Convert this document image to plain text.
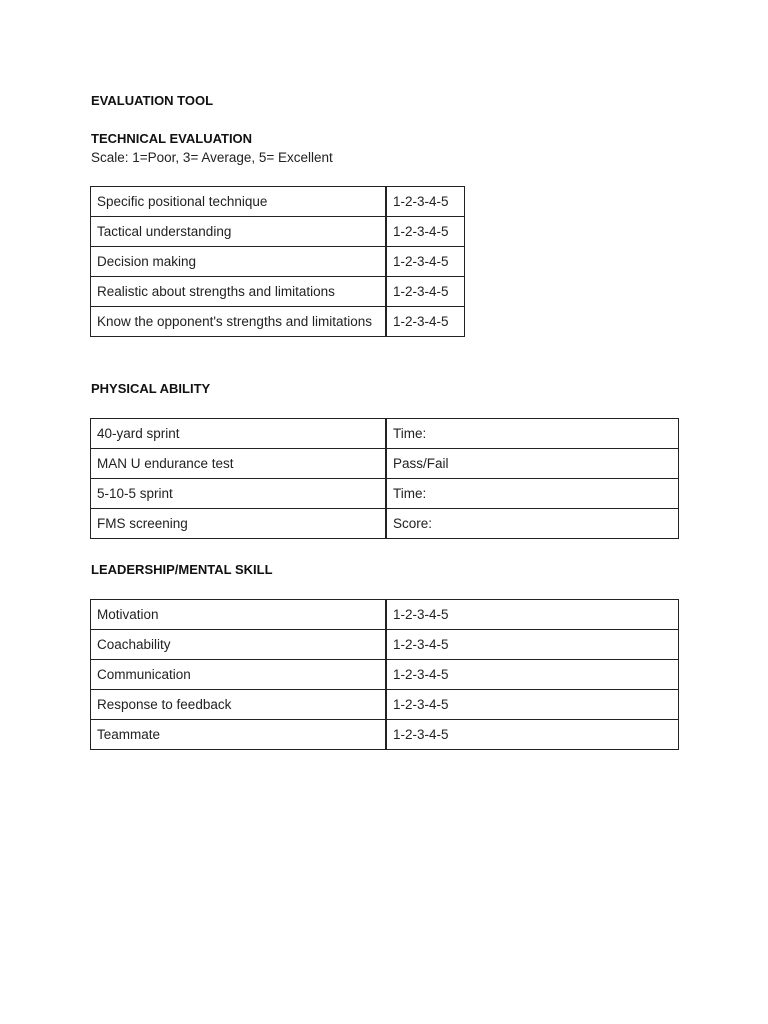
EVALUATION TOOL
TECHNICAL EVALUATION

Scale: 1=Poor, 3= Average, 5= Excellent

Specific positional technique	1-2-3-4-5
Tactical understanding	1-2-3-4-5
Decision making	1-2-3-4-5
Realistic about strengths and limitations	1-2-3-4-5
Know the opponent's strengths and limitations	1-2-3-4-5
PHYSICAL ABILITY
40-yard sprint	Time:
MAN U endurance test	Pass/Fail
5-10-5 sprint	Time:
FMS screening	Score:
LEADERSHIP/MENTAL SKILL
Motivation	1-2-3-4-5
Coachability	1-2-3-4-5
Communication	1-2-3-4-5
Response to feedback	1-2-3-4-5
Teammate	1-2-3-4-5
